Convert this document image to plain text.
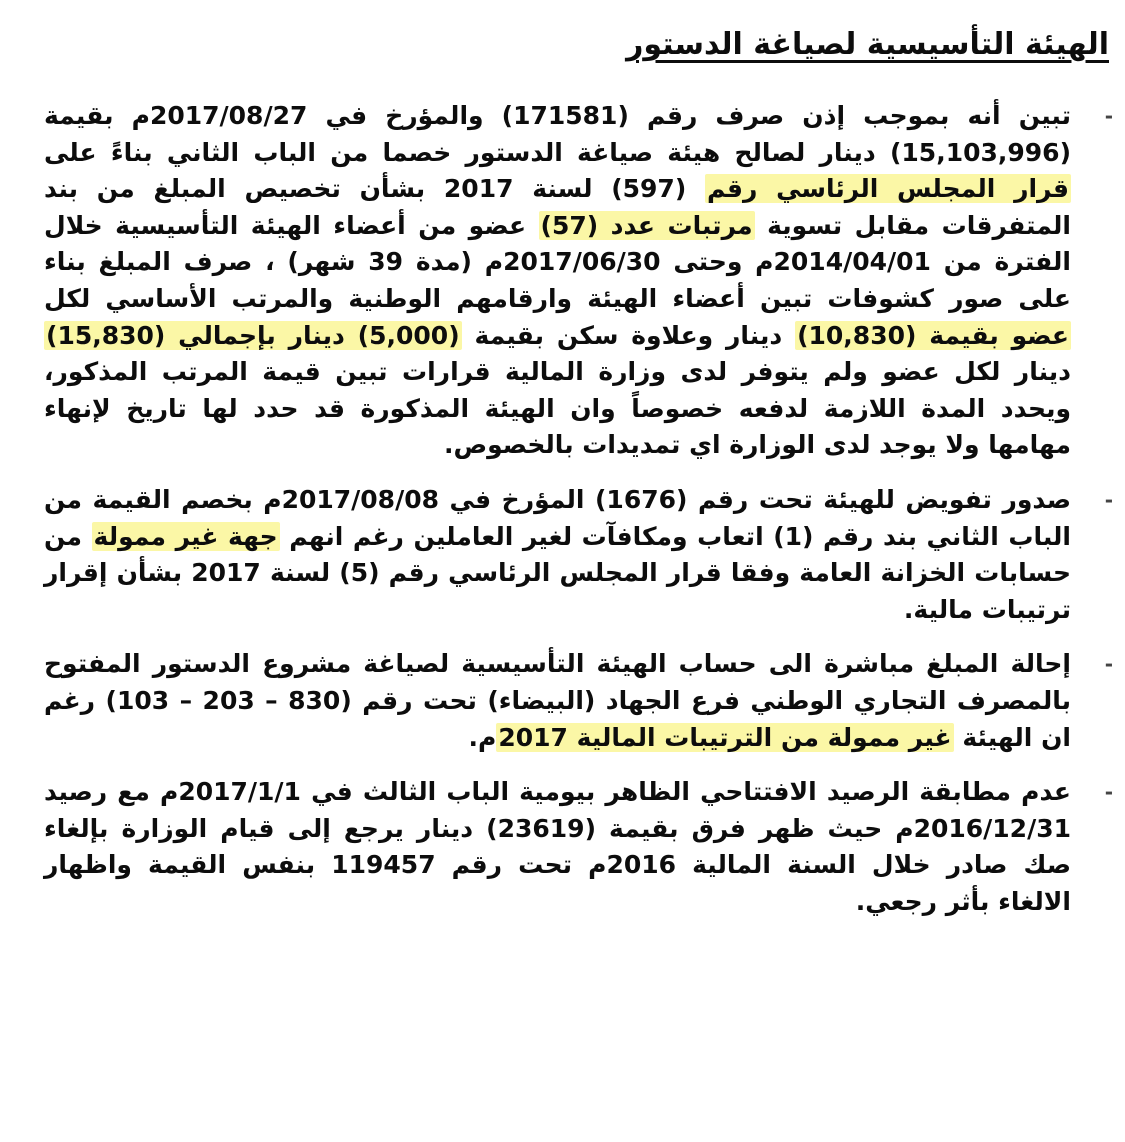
الهيئة التأسيسية لصياغة الدستور
-
تبين أنه بموجب إذن صرف رقم (171581) والمؤرخ في 2017/08/27م بقيمة (15,103,996) دينار لصالح هيئة صياغة الدستور خصما من الباب الثاني بناءً على قرار المجلس الرئاسي رقم (597) لسنة 2017 بشأن تخصيص المبلغ من بند المتفرقات مقابل تسوية مرتبات عدد (57) عضو من أعضاء الهيئة التأسيسية خلال الفترة من 2014/04/01م وحتى 2017/06/30م (مدة 39 شهر) ، صرف المبلغ بناء على صور كشوفات تبين أعضاء الهيئة وارقامهم الوطنية والمرتب الأساسي لكل عضو بقيمة (10,830) دينار وعلاوة سكن بقيمة (5,000) دينار بإجمالي (15,830) دينار لكل عضو ولم يتوفر لدى وزارة المالية قرارات تبين قيمة المرتب المذكور، ويحدد المدة اللازمة لدفعه خصوصاً وان الهيئة المذكورة قد حدد لها تاريخ لإنهاء مهامها ولا يوجد لدى الوزارة اي تمديدات بالخصوص.
-
صدور تفويض للهيئة تحت رقم (1676) المؤرخ في 2017/08/08م بخصم القيمة من الباب الثاني بند رقم (1) اتعاب ومكافآت لغير العاملين رغم انهم جهة غير ممولة من حسابات الخزانة العامة وفقا قرار المجلس الرئاسي رقم (5) لسنة 2017 بشأن إقرار ترتيبات مالية.
-
إحالة المبلغ مباشرة الى حساب الهيئة التأسيسية لصياغة مشروع الدستور المفتوح بالمصرف التجاري الوطني فرع الجهاد (البيضاء) تحت رقم (830 – 203 – 103) رغم ان الهيئة غير ممولة من الترتيبات المالية 2017م.
-
عدم مطابقة الرصيد الافتتاحي الظاهر بيومية الباب الثالث في 2017/1/1م مع رصيد 2016/12/31م حيث ظهر فرق بقيمة (23619) دينار يرجع إلى قيام الوزارة بإلغاء صك صادر خلال السنة المالية 2016م تحت رقم 119457 بنفس القيمة واظهار الالغاء بأثر رجعي.
